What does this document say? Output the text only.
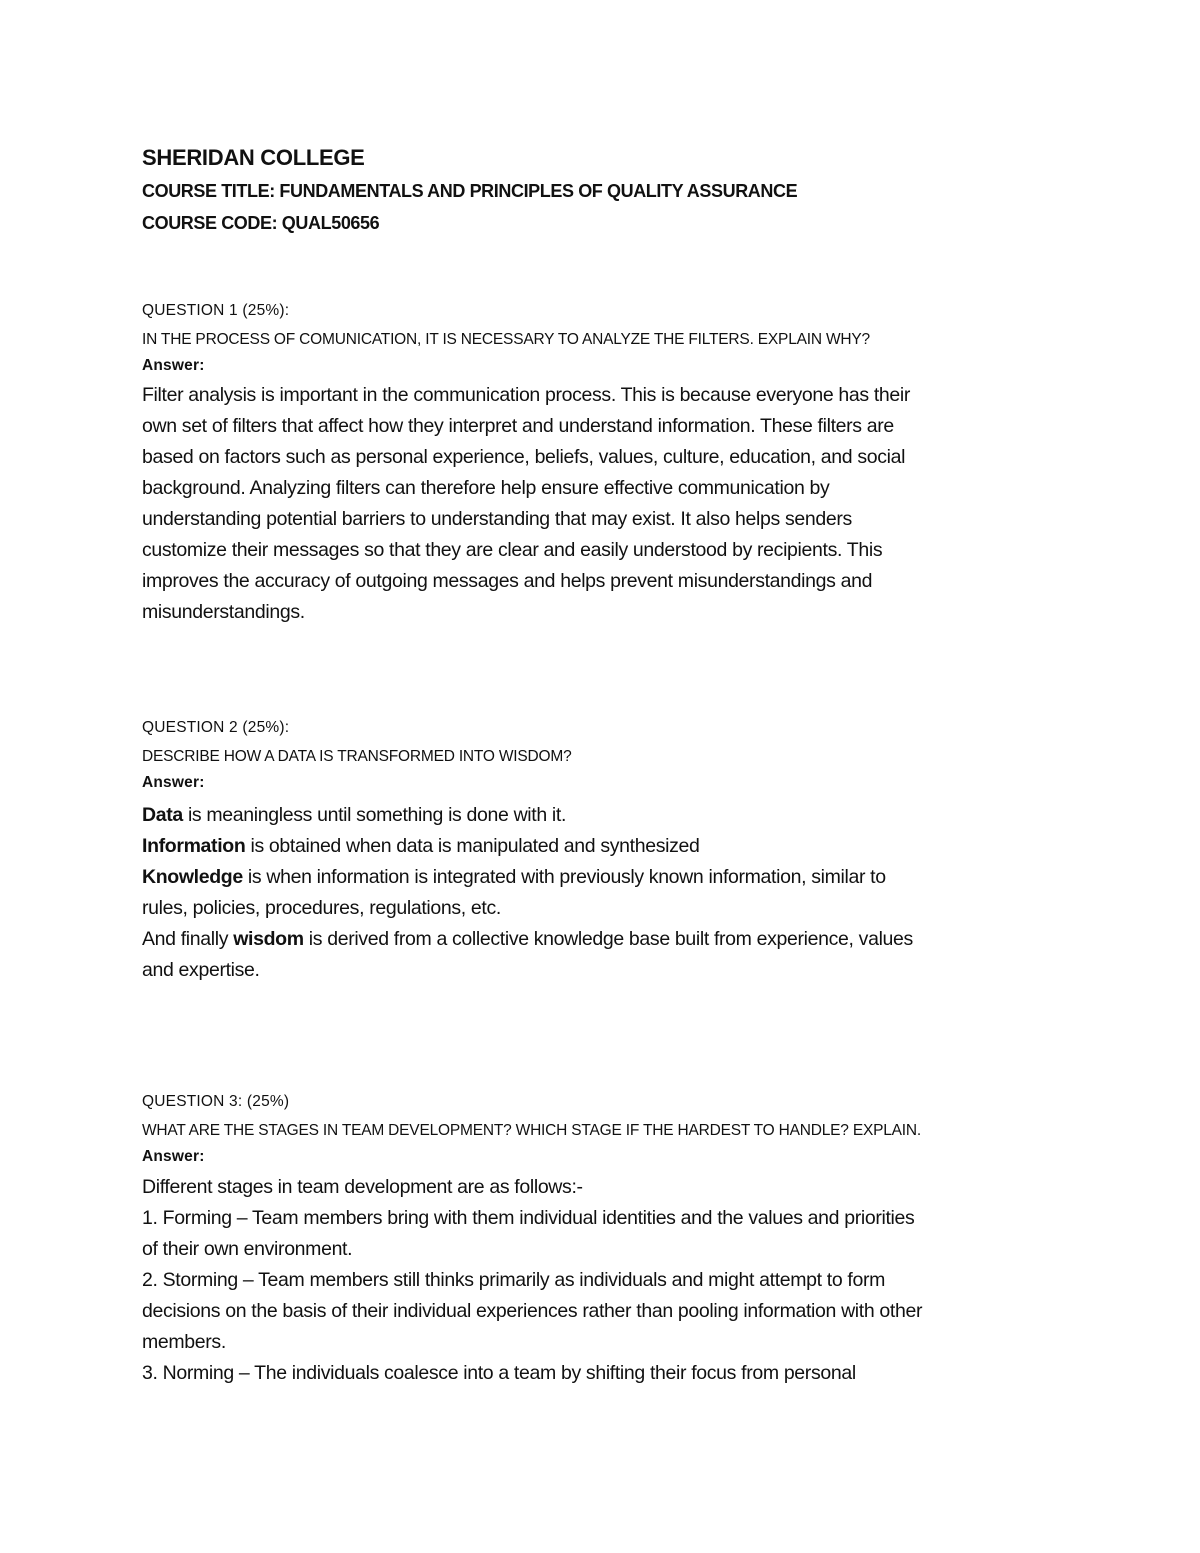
SHERIDAN COLLEGE
COURSE TITLE: FUNDAMENTALS AND PRINCIPLES OF QUALITY ASSURANCE
COURSE CODE: QUAL50656
QUESTION 1 (25%):
IN THE PROCESS OF COMUNICATION, IT IS NECESSARY TO ANALYZE THE FILTERS. EXPLAIN WHY?
Answer:

Filter analysis is important in the communication process. This is because everyone has their

own set of filters that affect how they interpret and understand information. These filters are

based on factors such as personal experience, beliefs, values, culture, education, and social

background. Analyzing filters can therefore help ensure effective communication by

understanding potential barriers to understanding that may exist. It also helps senders

customize their messages so that they are clear and easily understood by recipients. This

improves the accuracy of outgoing messages and helps prevent misunderstandings and

misunderstandings.

QUESTION 2 (25%):
DESCRIBE HOW A DATA IS TRANSFORMED INTO WISDOM?
Answer:

Data is meaningless until something is done with it.

Information is obtained when data is manipulated and synthesized

Knowledge is when information is integrated with previously known information, similar to

rules, policies, procedures, regulations, etc.

And finally wisdom is derived from a collective knowledge base built from experience, values

and expertise.

QUESTION 3: (25%)
WHAT ARE THE STAGES IN TEAM DEVELOPMENT? WHICH STAGE IF THE HARDEST TO HANDLE? EXPLAIN.
Answer:

Different stages in team development are as follows:-

1. Forming – Team members bring with them individual identities and the values and priorities

of their own environment.

2. Storming – Team members still thinks primarily as individuals and might attempt to form

decisions on the basis of their individual experiences rather than pooling information with other

members.

3. Norming – The individuals coalesce into a team by shifting their focus from personal
